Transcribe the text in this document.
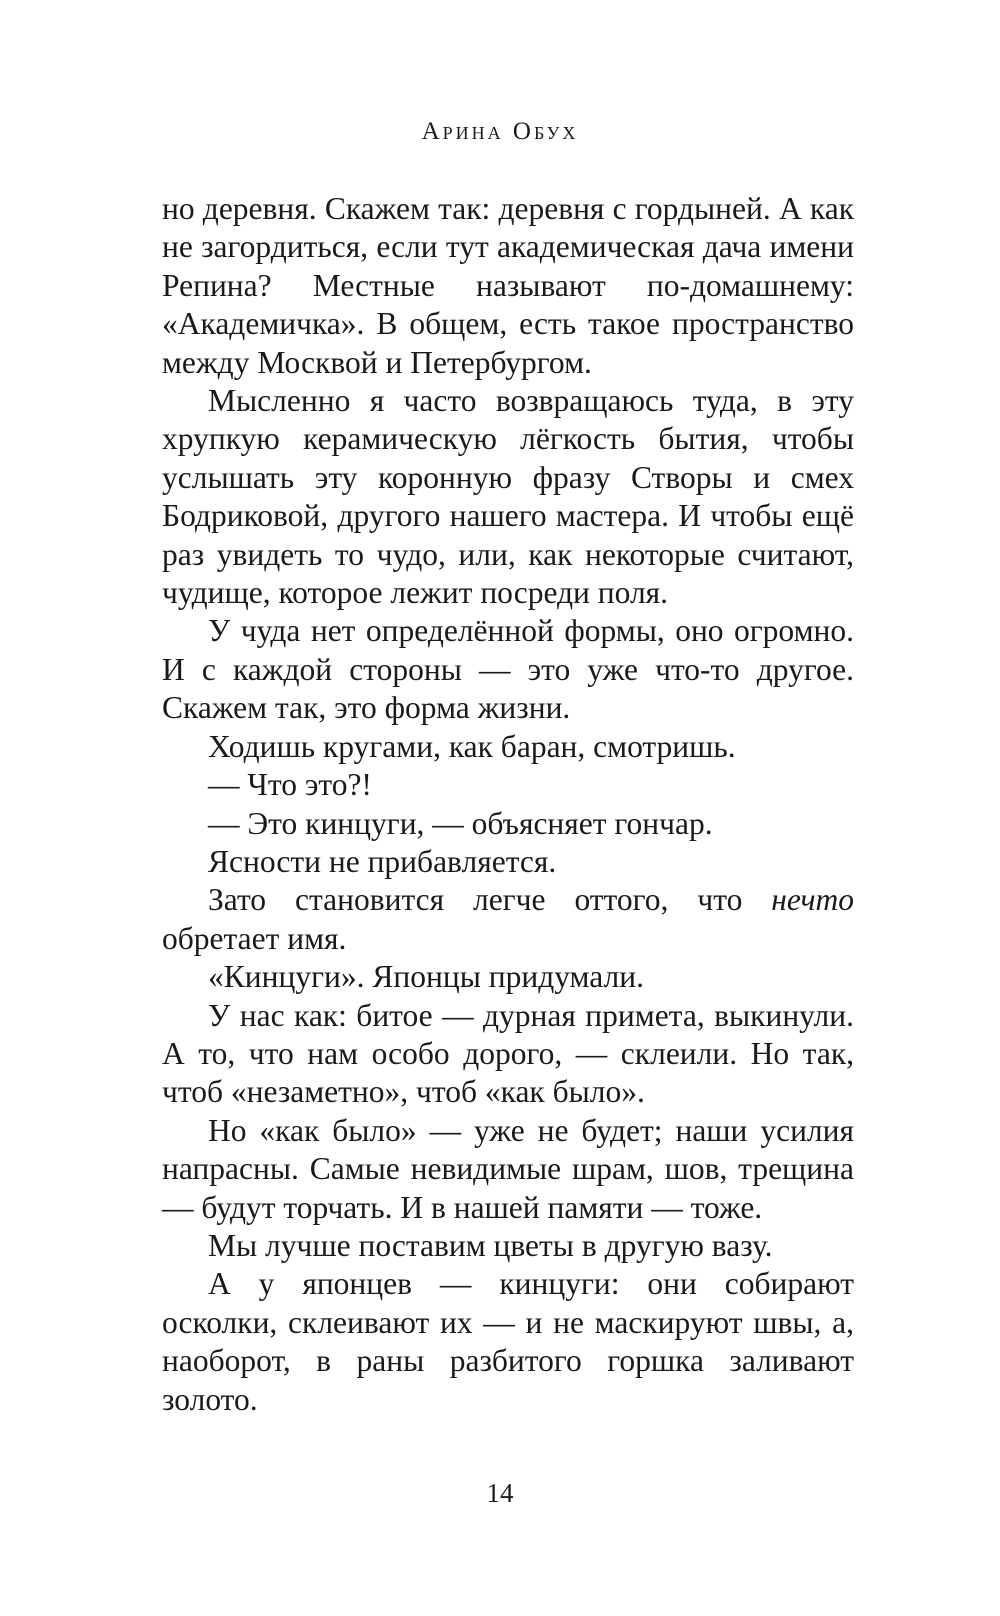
Арина Обух

но деревня. Скажем так: деревня с гордыней. А как не загордиться, если тут академическая дача имени Репина? Местные называют по-домашнему: «Академичка». В общем, есть такое пространство между Москвой и Петербургом.

Мысленно я часто возвращаюсь туда, в эту хрупкую керамическую лёгкость бытия, чтобы услышать эту коронную фразу Створы и смех Бодриковой, другого нашего мастера. И чтобы ещё раз увидеть то чудо, или, как некоторые считают, чудище, которое лежит посреди поля.

У чуда нет определённой формы, оно огромно. И с каждой стороны — это уже что-то другое. Скажем так, это форма жизни.

Ходишь кругами, как баран, смотришь.

— Что это?!

— Это кинцуги, — объясняет гончар.

Ясности не прибавляется.

Зато становится легче оттого, что нечто обретает имя.

«Кинцуги». Японцы придумали.

У нас как: битое — дурная примета, выкинули. А то, что нам особо дорого, — склеили. Но так, чтоб «незаметно», чтоб «как было».

Но «как было» — уже не будет; наши усилия напрасны. Самые невидимые шрам, шов, трещина — будут торчать. И в нашей памяти — тоже.

Мы лучше поставим цветы в другую вазу.

А у японцев — кинцуги: они собирают осколки, склеивают их — и не маскируют швы, а, наоборот, в раны разбитого горшка заливают золото.

14
